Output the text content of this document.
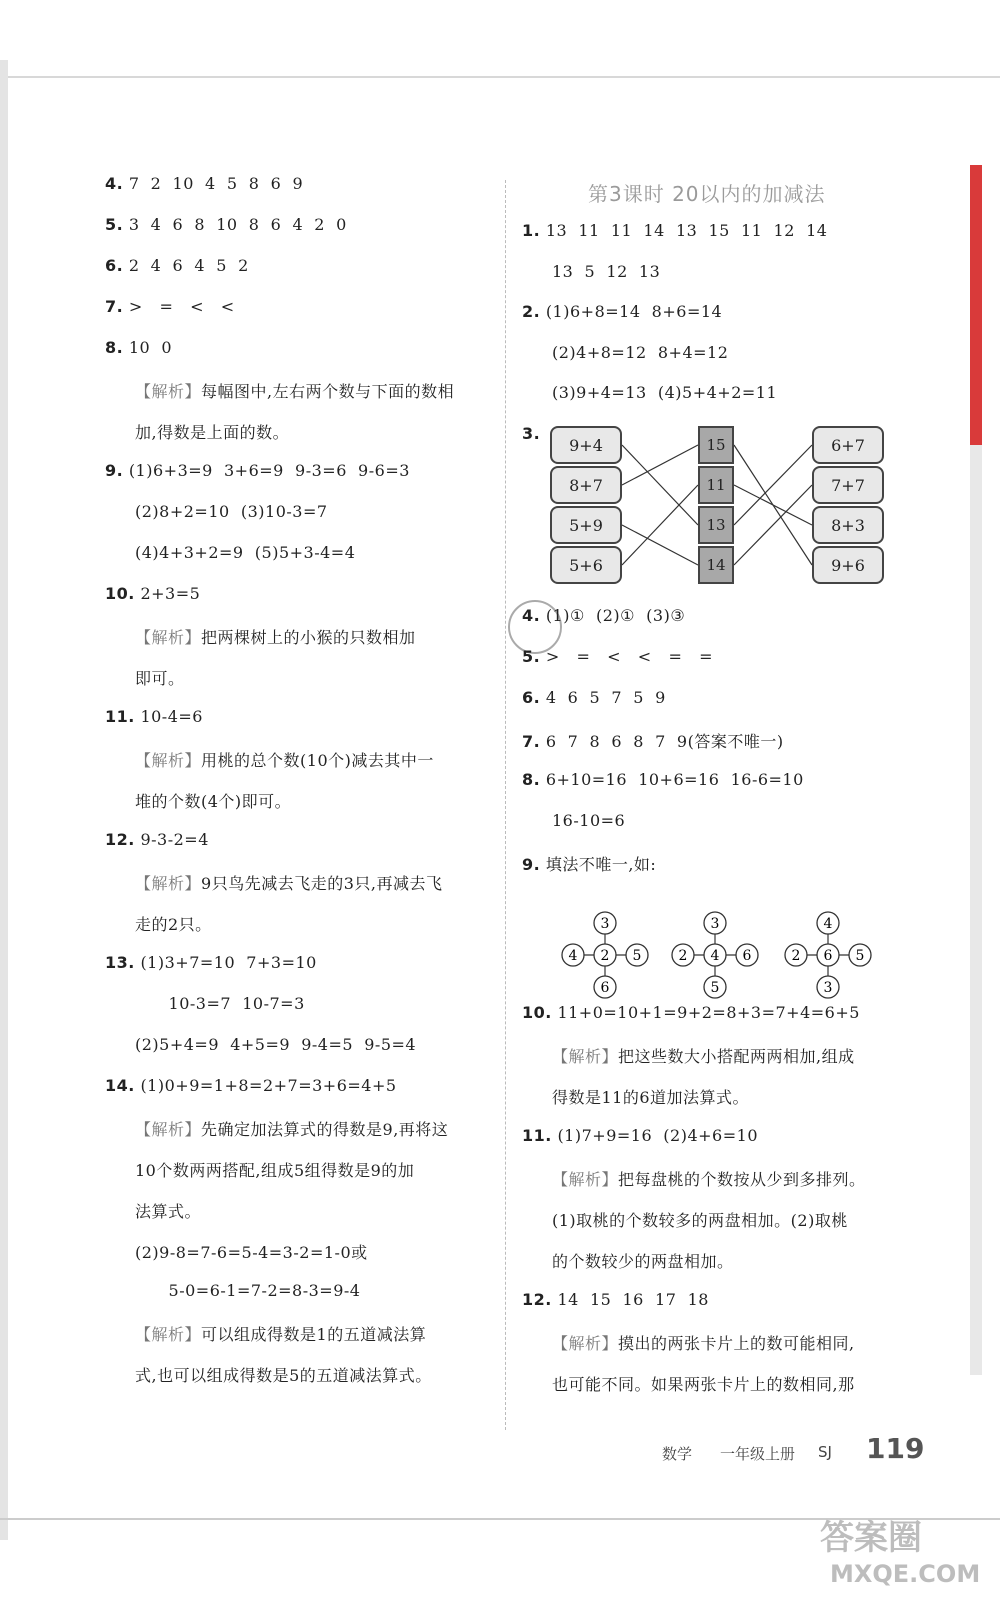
4. 7  2  10  4  5  8  6  9
5. 3  4  6  8  10  8  6  4  2  0
6. 2  4  6  4  5  2
7. >   =   <   <
8. 10  0
【解析】每幅图中,左右两个数与下面的数相
加,得数是上面的数。
9. (1)6+3=9  3+6=9  9-3=6  9-6=3
(2)8+2=10  (3)10-3=7
(4)4+3+2=9  (5)5+3-4=4
10. 2+3=5
【解析】把两棵树上的小猴的只数相加
即可。
11. 10-4=6
【解析】用桃的总个数(10个)减去其中一
堆的个数(4个)即可。
12. 9-3-2=4
【解析】9只鸟先减去飞走的3只,再减去飞
走的2只。
13. (1)3+7=10  7+3=10
10-3=7  10-7=3
(2)5+4=9  4+5=9  9-4=5  9-5=4
14. (1)0+9=1+8=2+7=3+6=4+5
【解析】先确定加法算式的得数是9,再将这
10个数两两搭配,组成5组得数是9的加
法算式。
(2)9-8=7-6=5-4=3-2=1-0或
5-0=6-1=7-2=8-3=9-4
【解析】可以组成得数是1的五道减法算
式,也可以组成得数是5的五道减法算式。
第3课时 20以内的加减法
1. 13  11  11  14  13  15  11  12  14
13  5  12  13
2. (1)6+8=14  8+6=14
(2)4+8=12  8+4=12
(3)9+4=13  (4)5+4+2=11
3.
9+4
8+7
5+9
5+6
15
11
13
14
6+7
7+7
8+3
9+6
4. (1)①  (2)①  (3)③
5. >   =   <   <   =   =
6. 4  6  5  7  5  9
7. 6  7  8  6  8  7  9(答案不唯一)
8. 6+10=16  10+6=16  16-6=10
16-10=6
9. 填法不唯一,如:
2
3
6
4	5	4
3
5
2	6	6
4
3
2	5
10. 11+0=10+1=9+2=8+3=7+4=6+5
【解析】把这些数大小搭配两两相加,组成
得数是11的6道加法算式。
11. (1)7+9=16  (2)4+6=10
【解析】把每盘桃的个数按从少到多排列。
(1)取桃的个数较多的两盘相加。(2)取桃
的个数较少的两盘相加。
12. 14  15  16  17  18
【解析】摸出的两张卡片上的数可能相同,
也可能不同。如果两张卡片上的数相同,那
数学 一年级上册 SJ 119
答案圈
MXQE.COM
